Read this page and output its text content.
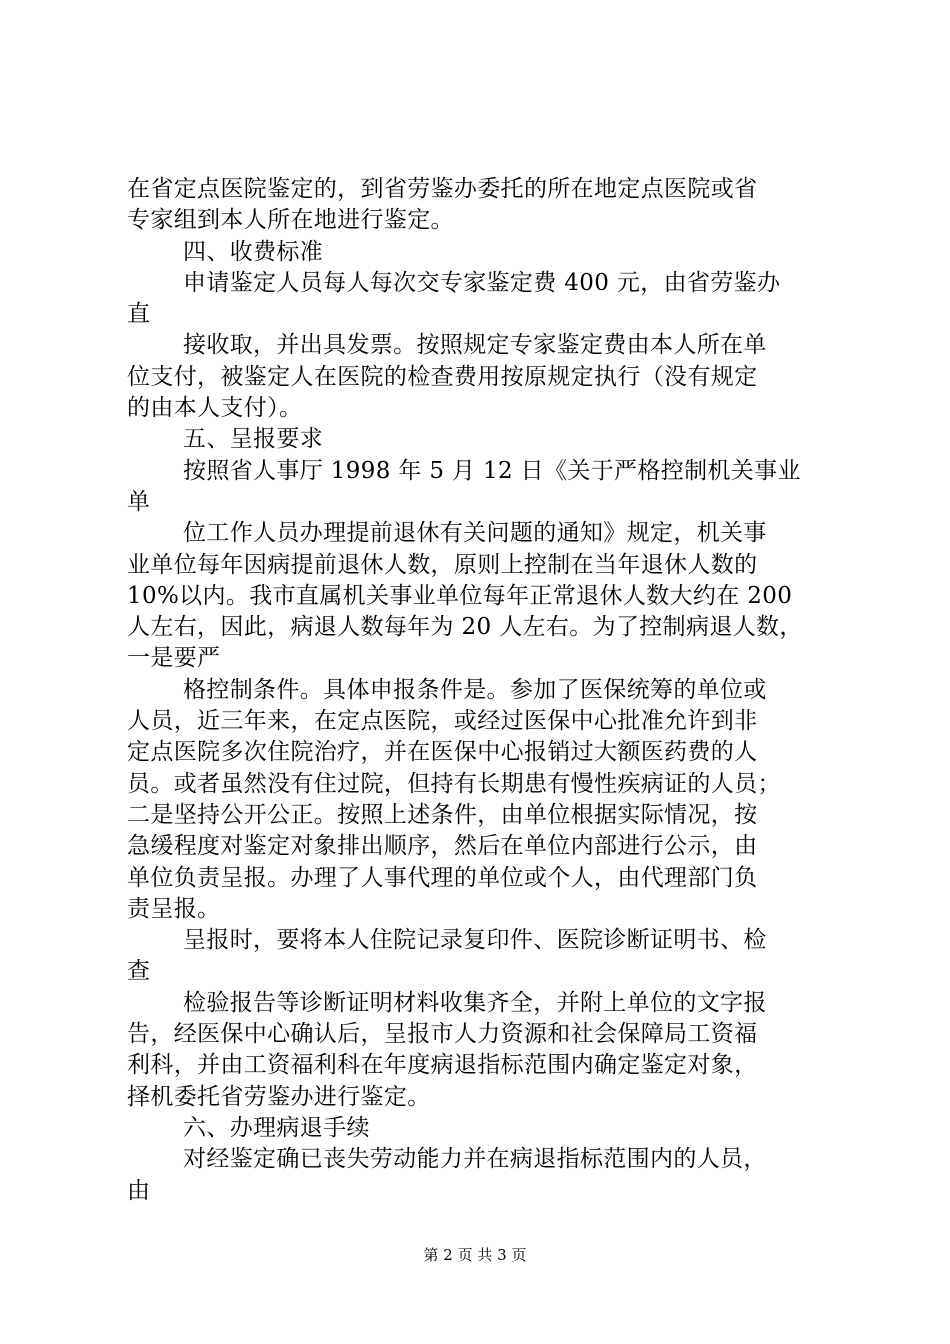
在省定点医院鉴定的，到省劳鉴办委托的所在地定点医院或省
专家组到本人所在地进行鉴定。
四、收费标准
申请鉴定人员每人每次交专家鉴定费 400 元，由省劳鉴办
直
接收取，并出具发票。按照规定专家鉴定费由本人所在单
位支付，被鉴定人在医院的检查费用按原规定执行（没有规定
的由本人支付）。
五、呈报要求
按照省人事厅 1998 年 5 月 12 日《关于严格控制机关事业
单
位工作人员办理提前退休有关问题的通知》规定，机关事
业单位每年因病提前退休人数，原则上控制在当年退休人数的
10%以内。我市直属机关事业单位每年正常退休人数大约在 200
人左右，因此，病退人数每年为 20 人左右。为了控制病退人数，
一是要严
格控制条件。具体申报条件是。参加了医保统筹的单位或
人员，近三年来，在定点医院，或经过医保中心批准允许到非
定点医院多次住院治疗，并在医保中心报销过大额医药费的人
员。或者虽然没有住过院，但持有长期患有慢性疾病证的人员；
二是坚持公开公正。按照上述条件，由单位根据实际情况，按
急缓程度对鉴定对象排出顺序，然后在单位内部进行公示，由
单位负责呈报。办理了人事代理的单位或个人，由代理部门负
责呈报。
呈报时，要将本人住院记录复印件、医院诊断证明书、检
查
检验报告等诊断证明材料收集齐全，并附上单位的文字报
告，经医保中心确认后，呈报市人力资源和社会保障局工资福
利科，并由工资福利科在年度病退指标范围内确定鉴定对象，
择机委托省劳鉴办进行鉴定。
六、办理病退手续
对经鉴定确已丧失劳动能力并在病退指标范围内的人员，
由
第 2 页 共 3 页
